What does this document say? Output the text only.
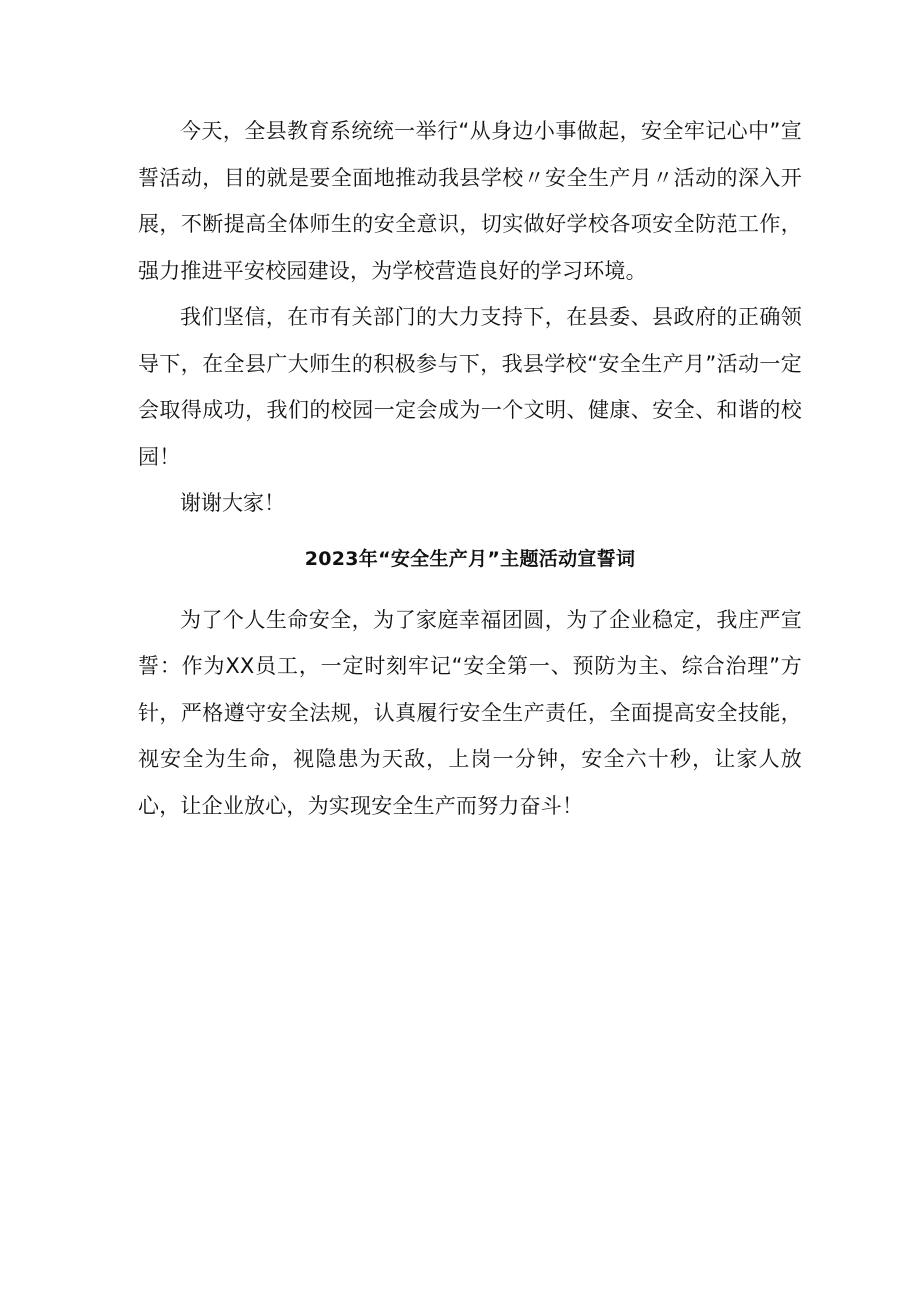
今天，全县教育系统统一举行“从身边小事做起，安全牢记心中”宣誓活动，目的就是要全面地推动我县学校〃安全生产月〃活动的深入开展，不断提高全体师生的安全意识，切实做好学校各项安全防范工作，强力推进平安校园建设，为学校营造良好的学习环境。

我们坚信，在市有关部门的大力支持下，在县委、县政府的正确领导下，在全县广大师生的积极参与下，我县学校“安全生产月”活动一定会取得成功，我们的校园一定会成为一个文明、健康、安全、和谐的校园！

谢谢大家！

2023年“安全生产月”主题活动宣誓词

为了个人生命安全，为了家庭幸福团圆，为了企业稳定，我庄严宣誓：作为XX员工，一定时刻牢记“安全第一、预防为主、综合治理”方针，严格遵守安全法规，认真履行安全生产责任，全面提高安全技能，视安全为生命，视隐患为天敌，上岗一分钟，安全六十秒，让家人放心，让企业放心，为实现安全生产而努力奋斗！
